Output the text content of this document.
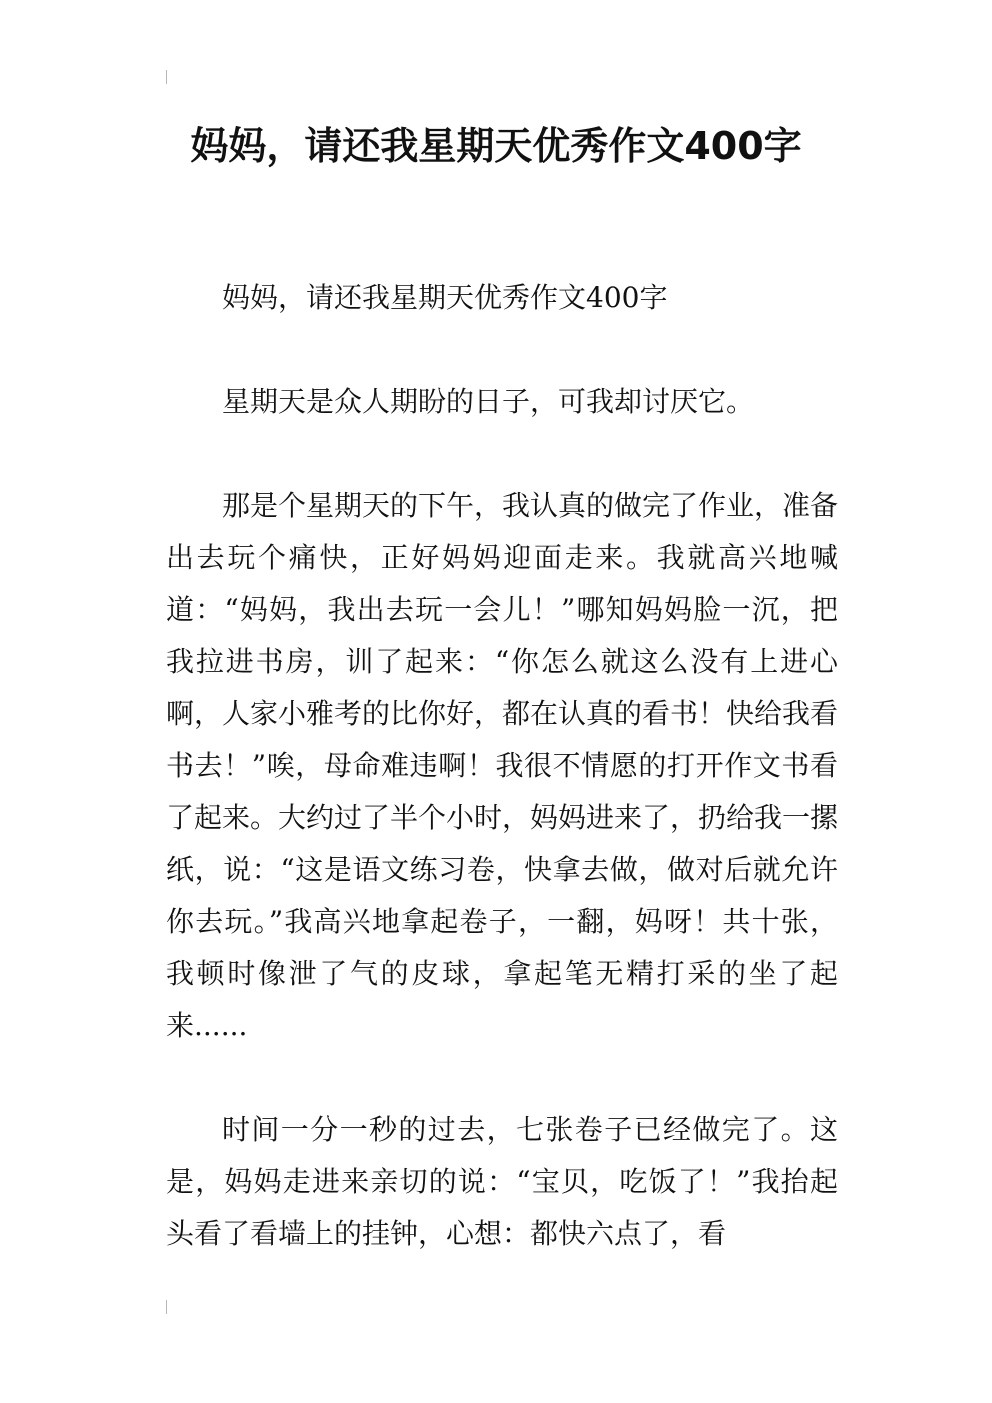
妈妈，请还我星期天优秀作文400字

妈妈，请还我星期天优秀作文400字

星期天是众人期盼的日子，可我却讨厌它。

那是个星期天的下午，我认真的做完了作业，准备出去玩个痛快，正好妈妈迎面走来。我就高兴地喊道：“妈妈，我出去玩一会儿！”哪知妈妈脸一沉，把我拉进书房，训了起来：“你怎么就这么没有上进心啊，人家小雅考的比你好，都在认真的看书！快给我看书去！”唉，母命难违啊！我很不情愿的打开作文书看了起来。大约过了半个小时，妈妈进来了，扔给我一摞纸，说：“这是语文练习卷，快拿去做，做对后就允许你去玩。”我高兴地拿起卷子，一翻，妈呀！共十张，我顿时像泄了气的皮球，拿起笔无精打采的坐了起来......

时间一分一秒的过去，七张卷子已经做完了。这是，妈妈走进来亲切的说：“宝贝，吃饭了！”我抬起头看了看墙上的挂钟，心想：都快六点了，看
